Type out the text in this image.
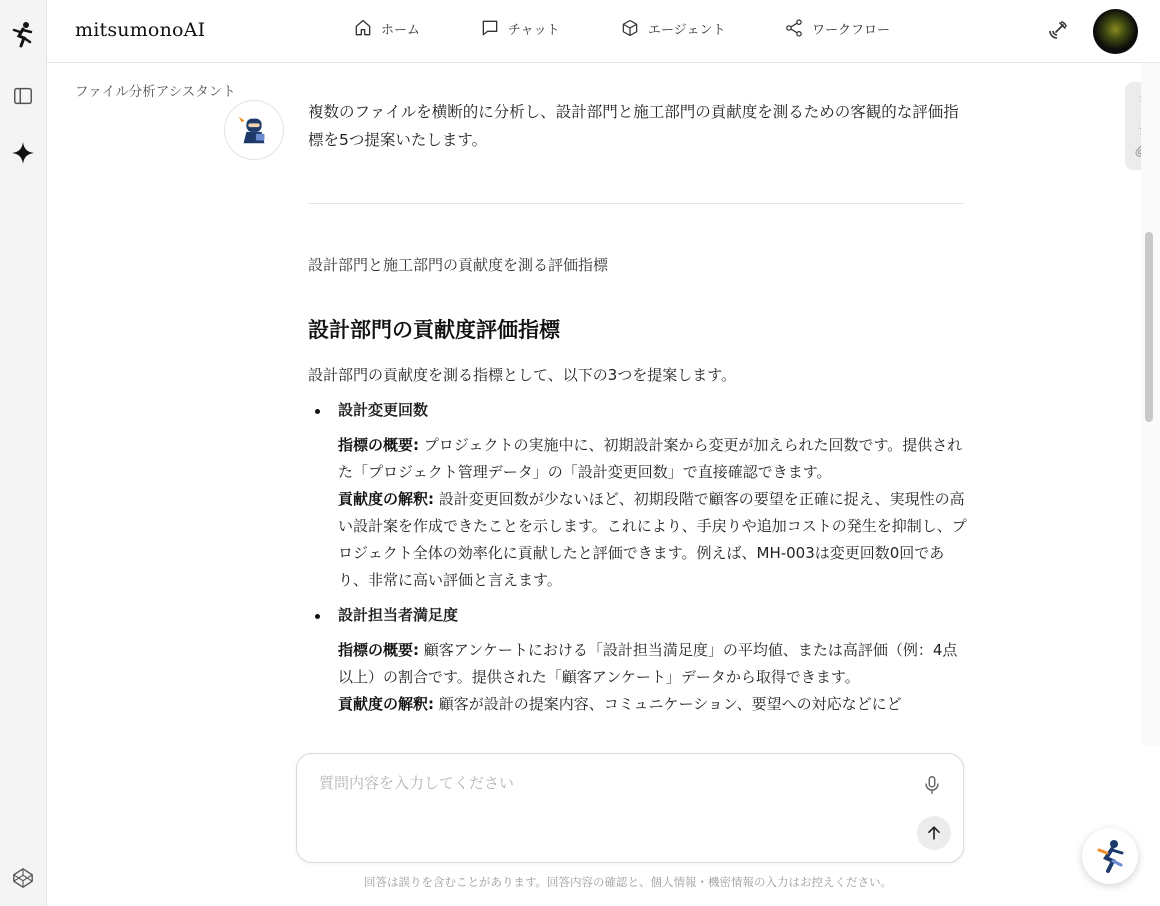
mitsumonoAI	ホーム	チャット	エージェント	ワークフロー
ファイル分析アシスタント

複数のファイルを横断的に分析し、設計部門と施工部門の貢献度を測るための客観的な評価指標を5つ提案いたします。

設計部門と施工部門の貢献度を測る評価指標

設計部門の貢献度評価指標

設計部門の貢献度を測る指標として、以下の3つを提案します。

設計変更回数
指標の概要: プロジェクトの実施中に、初期設計案から変更が加えられた回数です。提供された「プロジェクト管理データ」の「設計変更回数」で直接確認できます。
貢献度の解釈: 設計変更回数が少ないほど、初期段階で顧客の要望を正確に捉え、実現性の高い設計案を作成できたことを示します。これにより、手戻りや追加コストの発生を抑制し、プロジェクト全体の効率化に貢献したと評価できます。例えば、MH-003は変更回数0回であり、非常に高い評価と言えます。
設計担当者満足度
指標の概要: 顧客アンケートにおける「設計担当満足度」の平均値、または高評価（例：4点以上）の割合です。提供された「顧客アンケート」データから取得できます。
貢献度の解釈: 顧客が設計の提案内容、コミュニケーション、要望への対応などにど
質問内容を入力してください
回答は誤りを含むことがあります。回答内容の確認と、個人情報・機密情報の入力はお控えください。
